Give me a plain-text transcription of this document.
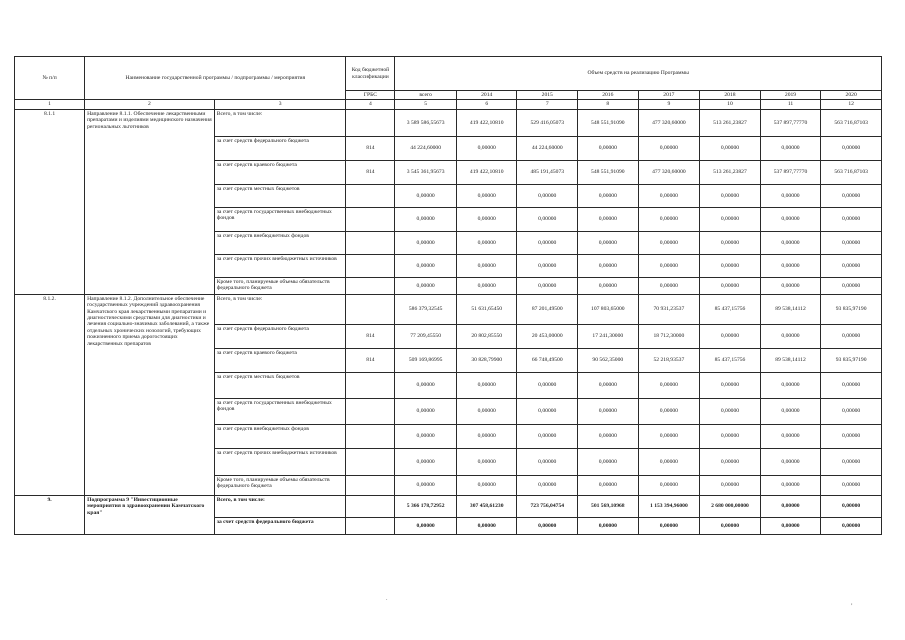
№ п/п	Наименование государственной программы / подпрограммы / мероприятия		Код бюджетной классификации	Объем средств на реализацию Программы							
			ГРБС	всего	2014	2015	2016	2017	2018	2019	2020
1	2	3	4	5	6	7	8	9	10	11	12
8.1.1	Направление 8.1.1. Обеспечение лекарственными препаратами и изделиями медицинского назначения региональных льготников	Всего, в том числе:		3 589 586,55673	419 422,10810	529 416,05073	548 551,91090	477 320,60000	513 261,23827	537 897,77770	563 716,87103
		за счет средств федерального бюджета	814	44 224,60000	0,00000	44 224,60000	0,00000	0,00000	0,00000	0,00000	0,00000
		за счет средств краевого бюджета	814	3 545 361,95673	419 422,10810	485 191,45073	548 551,91090	477 320,60000	513 261,23827	537 897,77770	563 716,87103
		за счет средств местных бюджетов		0,00000	0,00000	0,00000	0,00000	0,00000	0,00000	0,00000	0,00000
		за счет средств государственных внебюджетных фондов		0,00000	0,00000	0,00000	0,00000	0,00000	0,00000	0,00000	0,00000
		за счет средств внебюджетных фондов		0,00000	0,00000	0,00000	0,00000	0,00000	0,00000	0,00000	0,00000
		за счет средств прочих внебюджетных источников		0,00000	0,00000	0,00000	0,00000	0,00000	0,00000	0,00000	0,00000
		Кроме того, планируемые объемы обязательств федерального бюджета		0,00000	0,00000	0,00000	0,00000	0,00000	0,00000	0,00000	0,00000
8.1.2.	Направление 8.1.2. Дополнительное обеспечение государственных учреждений здравоохранения Камчатского края лекарственными препаратами и диагностическими средствами для диагностики и лечения социально-значимых заболеваний, а также отдельных хронических нозологий, требующих пожизненного приема дорогостоящих лекарственных препаратов	Всего, в том числе:		586 379,32545	51 631,65450	87 201,49500	107 803,65000	70 931,23537	85 437,15756	89 538,14112	93 835,97190
		за счет средств федерального бюджета	814	77 209,45550	20 802,85550	20 453,00000	17 241,30000	18 712,30000	0,00000	0,00000	0,00000
		за счет средств краевого бюджета	814	509 169,86995	30 828,79900	66 748,49500	90 562,35000	52 218,93537	85 437,15756	89 538,14112	93 835,97190
		за счет средств местных бюджетов		0,00000	0,00000	0,00000	0,00000	0,00000	0,00000	0,00000	0,00000
		за счет средств государственных внебюджетных фондов		0,00000	0,00000	0,00000	0,00000	0,00000	0,00000	0,00000	0,00000
		за счет средств внебюджетных фондов		0,00000	0,00000	0,00000	0,00000	0,00000	0,00000	0,00000	0,00000
		за счет средств прочих внебюджетных источников		0,00000	0,00000	0,00000	0,00000	0,00000	0,00000	0,00000	0,00000
		Кроме того, планируемые объемы обязательств федерального бюджета		0,00000	0,00000	0,00000	0,00000	0,00000	0,00000	0,00000	0,00000
9.	Подпрограмма 9 "Инвестиционные мероприятия в здравоохранении Камчатского края"	Всего, в том числе:		5 366 178,72952	307 458,61230	723 756,04754	501 569,10968	1 153 394,96000	2 680 000,00000	0,00000	0,00000
		за счет средств федерального бюджета		0,00000	0,00000	0,00000	0,00000	0,00000	0,00000	0,00000	0,00000
.
,
